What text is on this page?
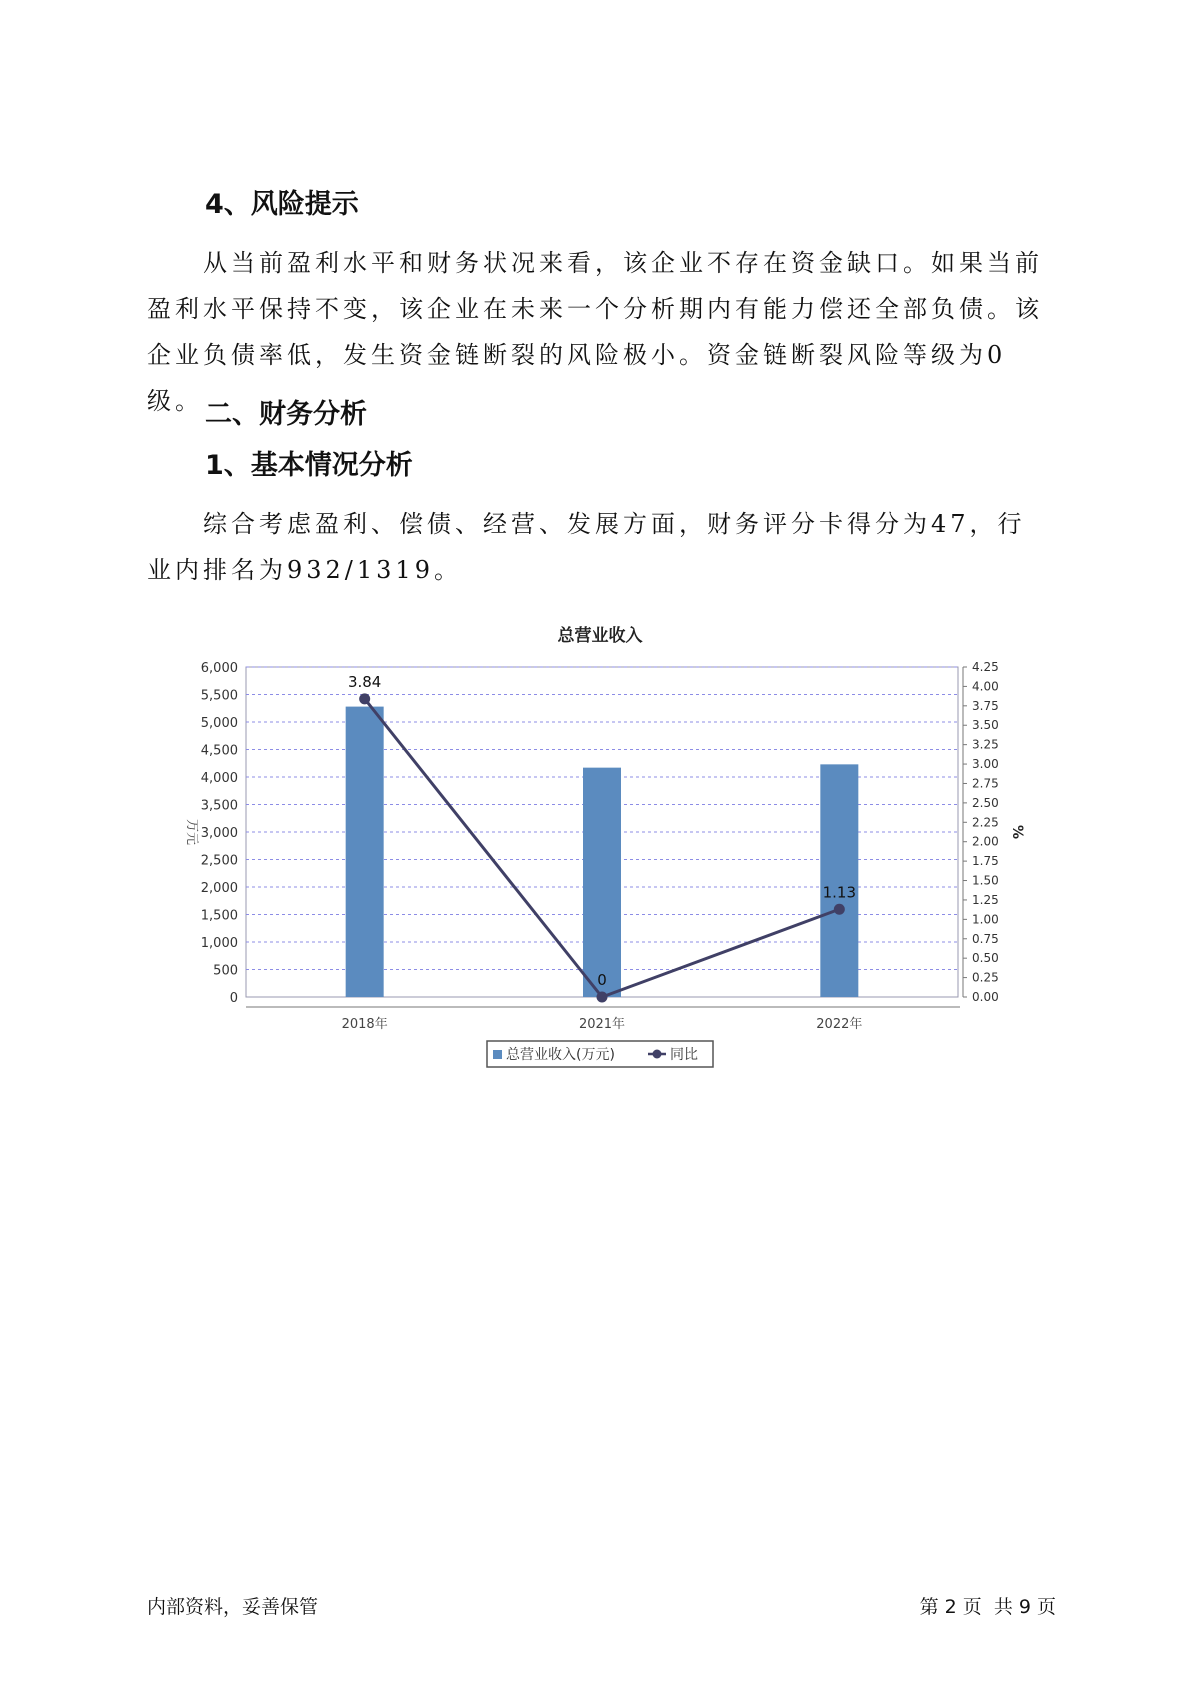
4、风险提示

从当前盈利水平和财务状况来看，该企业不存在资金缺口。如果当前盈利水平保持不变，该企业在未来一个分析期内有能力偿还全部负债。该企业负债率低，发生资金链断裂的风险极小。资金链断裂风险等级为0级。 二、财务分析
1、基本情况分析

综合考虑盈利、偿债、经营、发展方面，财务评分卡得分为47，行业内排名为932/1319。

总营业收入
6,000
5,500
5,000
4,500
4,000
3,500
3,000
2,500
2,000
1,500
1,000
500
0
4.25
4.00
3.75
3.50
3.25
3.00
2.75
2.50
2.25
2.00
1.75
1.50
1.25
1.00
0.75
0.50
0.25
0.00
万元	%
2018年	2021年	2022年
3.84
0
1.13
总营业收入(万元)	同比
内部资料，妥善保管	第 2 页  共 9 页
